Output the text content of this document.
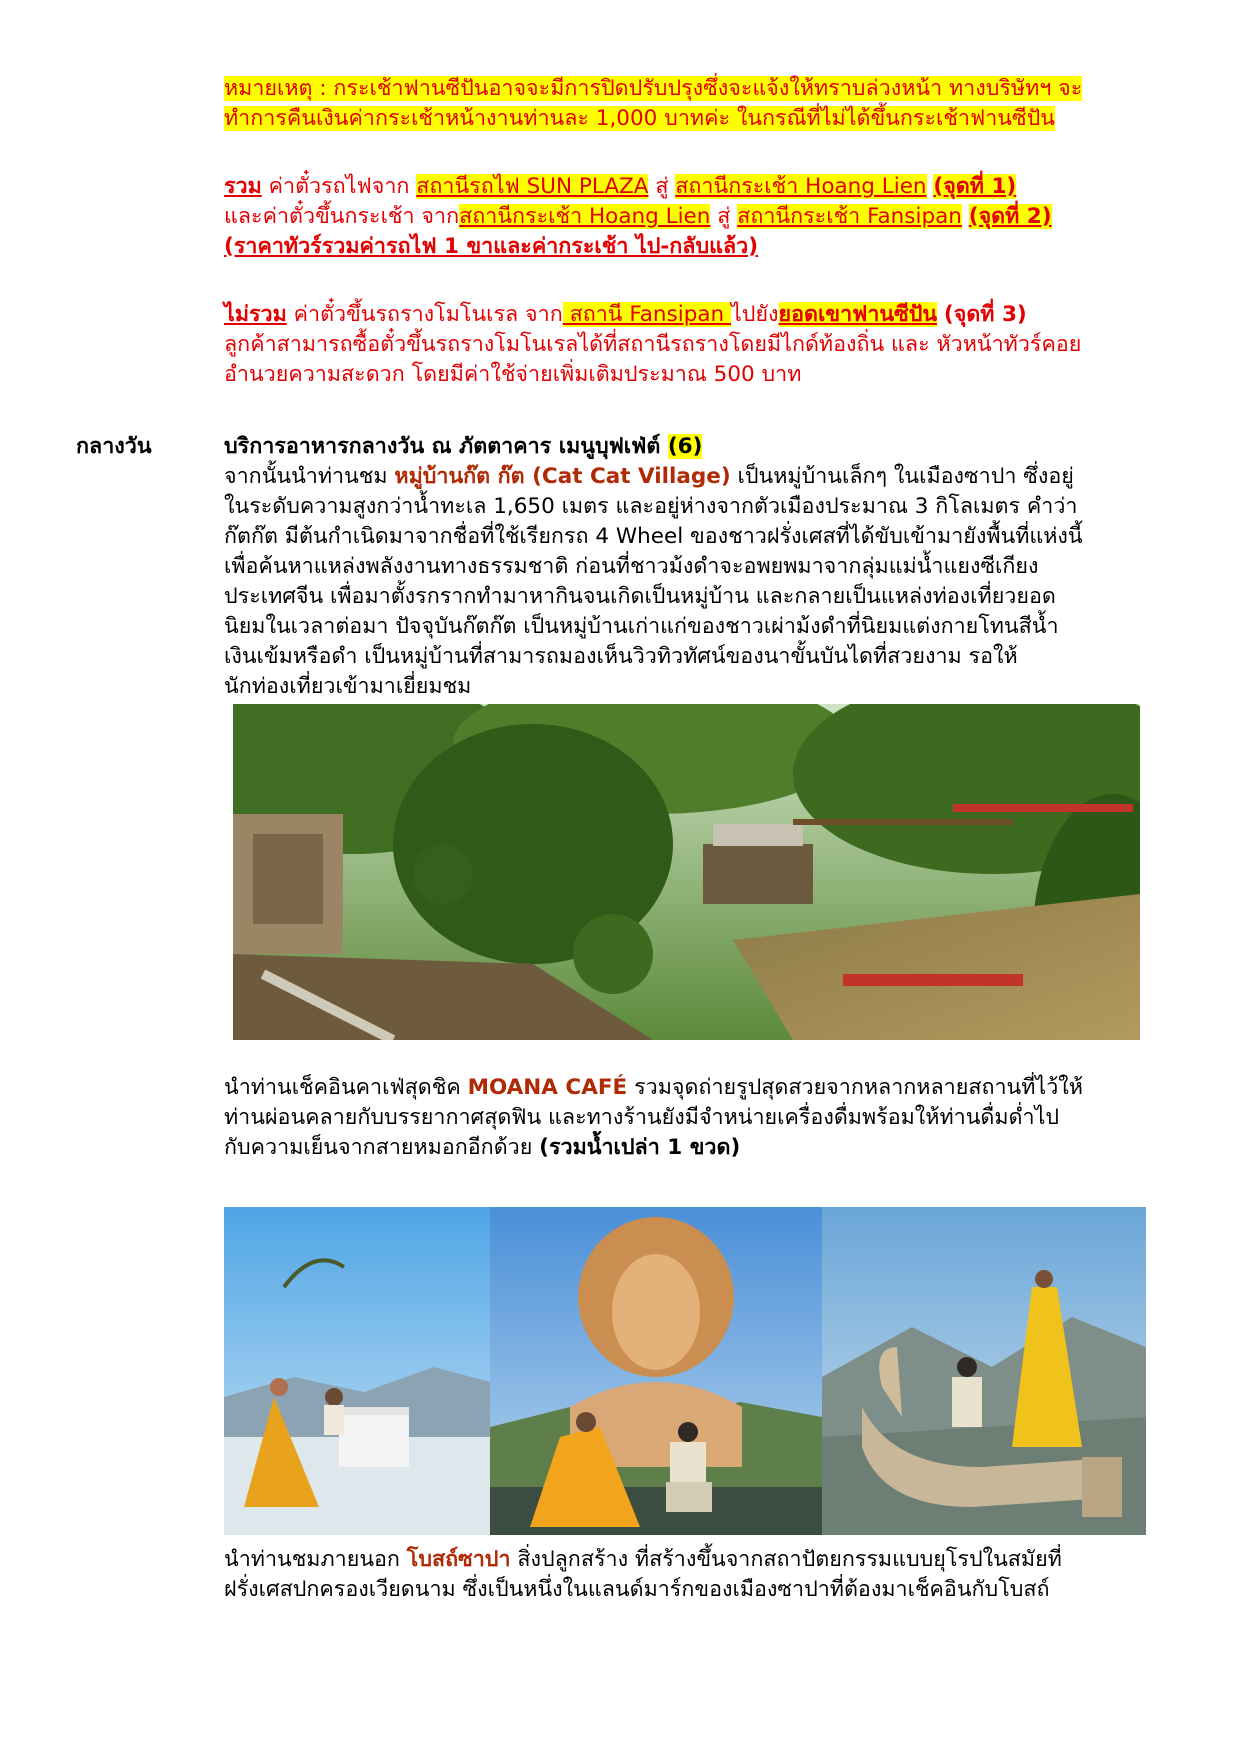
หมายเหตุ : กระเช้าฟานซีปันอาจจะมีการปิดปรับปรุงซึ่งจะแจ้งให้ทราบล่วงหน้า ทางบริษัทฯ จะ
ทำการคืนเงินค่ากระเช้าหน้างานท่านละ 1,000 บาทค่ะ ในกรณีที่ไม่ได้ขึ้นกระเช้าฟานซีปัน
รวม ค่าตั๋วรถไฟจาก สถานีรถไฟ SUN PLAZA สู่ สถานีกระเช้า Hoang Lien (จุดที่ 1)
และค่าตั๋วขึ้นกระเช้า จากสถานีกระเช้า Hoang Lien สู่ สถานีกระเช้า Fansipan (จุดที่ 2)
(ราคาทัวร์รวมค่ารถไฟ 1 ขาและค่ากระเช้า ไป-กลับแล้ว)
ไม่รวม ค่าตั๋วขึ้นรถรางโมโนเรล จาก สถานี Fansipan ไปยังยอดเขาฟานซีปัน (จุดที่ 3)
ลูกค้าสามารถซื้อตั๋วขึ้นรถรางโมโนเรลได้ที่สถานีรถรางโดยมีไกด์ท้องถิ่น และ หัวหน้าทัวร์คอย
อำนวยความสะดวก โดยมีค่าใช้จ่ายเพิ่มเติมประมาณ 500 บาท
กลางวัน	บริการอาหารกลางวัน ณ ภัตตาคาร เมนูบุฟเฟ่ต์ (6)
จากนั้นนำท่านชม หมู่บ้านก๊ต ก๊ต (Cat Cat Village) เป็นหมู่บ้านเล็กๆ ในเมืองซาปา ซึ่งอยู่
ในระดับความสูงกว่าน้ำทะเล 1,650 เมตร และอยู่ห่างจากตัวเมืองประมาณ 3 กิโลเมตร คำว่า
ก๊ตก๊ต มีต้นกำเนิดมาจากชื่อที่ใช้เรียกรถ 4 Wheel ของชาวฝรั่งเศสที่ได้ขับเข้ามายังพื้นที่แห่งนี้
เพื่อค้นหาแหล่งพลังงานทางธรรมชาติ ก่อนที่ชาวม้งดำจะอพยพมาจากลุ่มแม่น้ำแยงซีเกียง
ประเทศจีน เพื่อมาตั้งรกรากทำมาหากินจนเกิดเป็นหมู่บ้าน และกลายเป็นแหล่งท่องเที่ยวยอด
นิยมในเวลาต่อมา ปัจจุบันก๊ตก๊ต เป็นหมู่บ้านเก่าแก่ของชาวเผ่าม้งดำที่นิยมแต่งกายโทนสีน้ำ
เงินเข้มหรือดำ เป็นหมู่บ้านที่สามารถมองเห็นวิวทิวทัศน์ของนาขั้นบันไดที่สวยงาม รอให้
นักท่องเที่ยวเข้ามาเยี่ยมชม
นำท่านเช็คอินคาเฟ่สุดชิค MOANA CAFÉ รวมจุดถ่ายรูปสุดสวยจากหลากหลายสถานที่ไว้ให้
ท่านผ่อนคลายกับบรรยากาศสุดฟิน และทางร้านยังมีจำหน่ายเครื่องดื่มพร้อมให้ท่านดื่มด่ำไป
กับความเย็นจากสายหมอกอีกด้วย (รวมน้ำเปล่า 1 ขวด)
นำท่านชมภายนอก โบสถ์ซาปา สิ่งปลูกสร้าง ที่สร้างขึ้นจากสถาปัตยกรรมแบบยุโรปในสมัยที่
ฝรั่งเศสปกครองเวียดนาม ซึ่งเป็นหนึ่งในแลนด์มาร์กของเมืองซาปาที่ต้องมาเช็คอินกับโบสถ์
